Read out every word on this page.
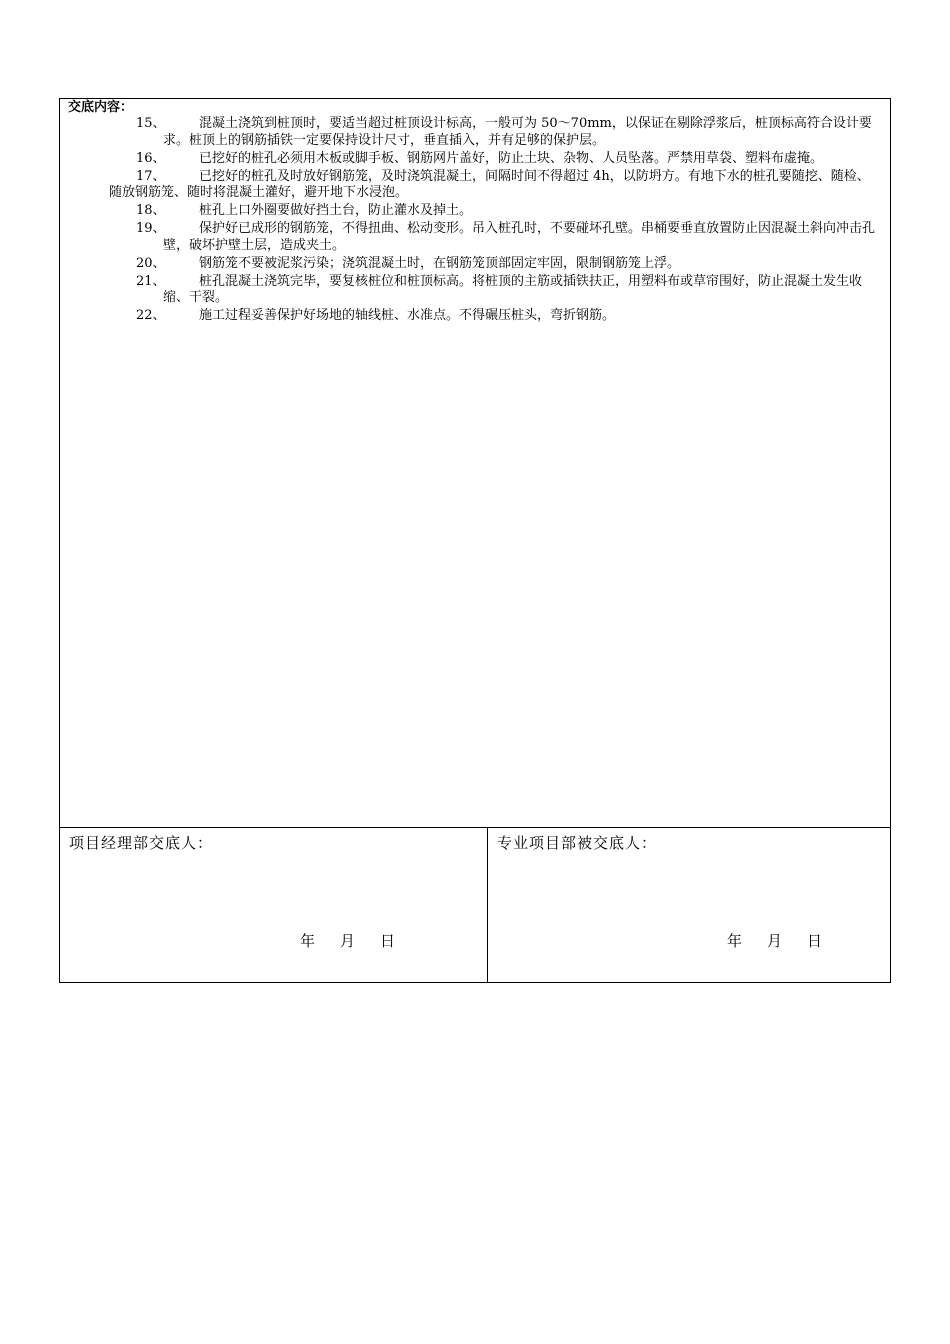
交底内容：
15、	混凝土浇筑到桩顶时，要适当超过桩顶设计标高，一般可为 50～70mm，以保证在剔除浮浆后，桩顶标高符合设计要求。桩顶上的钢筋插铁一定要保持设计尺寸，垂直插入，并有足够的保护层。
16、	已挖好的桩孔必须用木板或脚手板、钢筋网片盖好，防止土块、杂物、人员坠落。严禁用草袋、塑料布虚掩。
17、	已挖好的桩孔及时放好钢筋笼，及时浇筑混凝土，间隔时间不得超过 4h，以防坍方。有地下水的桩孔要随挖、随检、随放钢筋笼、随时将混凝土灌好，避开地下水浸泡。
18、	桩孔上口外圈要做好挡土台，防止灌水及掉土。
19、	保护好已成形的钢筋笼，不得扭曲、松动变形。吊入桩孔时，不要碰坏孔壁。串桶要垂直放置防止因混凝土斜向冲击孔壁，破坏护壁土层，造成夹土。
20、	钢筋笼不要被泥浆污染；浇筑混凝土时，在钢筋笼顶部固定牢固，限制钢筋笼上浮。
21、	桩孔混凝土浇筑完毕，要复核桩位和桩顶标高。将桩顶的主筋或插铁扶正，用塑料布或草帘围好，防止混凝土发生收缩、干裂。
22、	施工过程妥善保护好场地的轴线桩、水准点。不得碾压桩头，弯折钢筋。
项目经理部交底人：
年 月 日
专业项目部被交底人：
年 月 日
